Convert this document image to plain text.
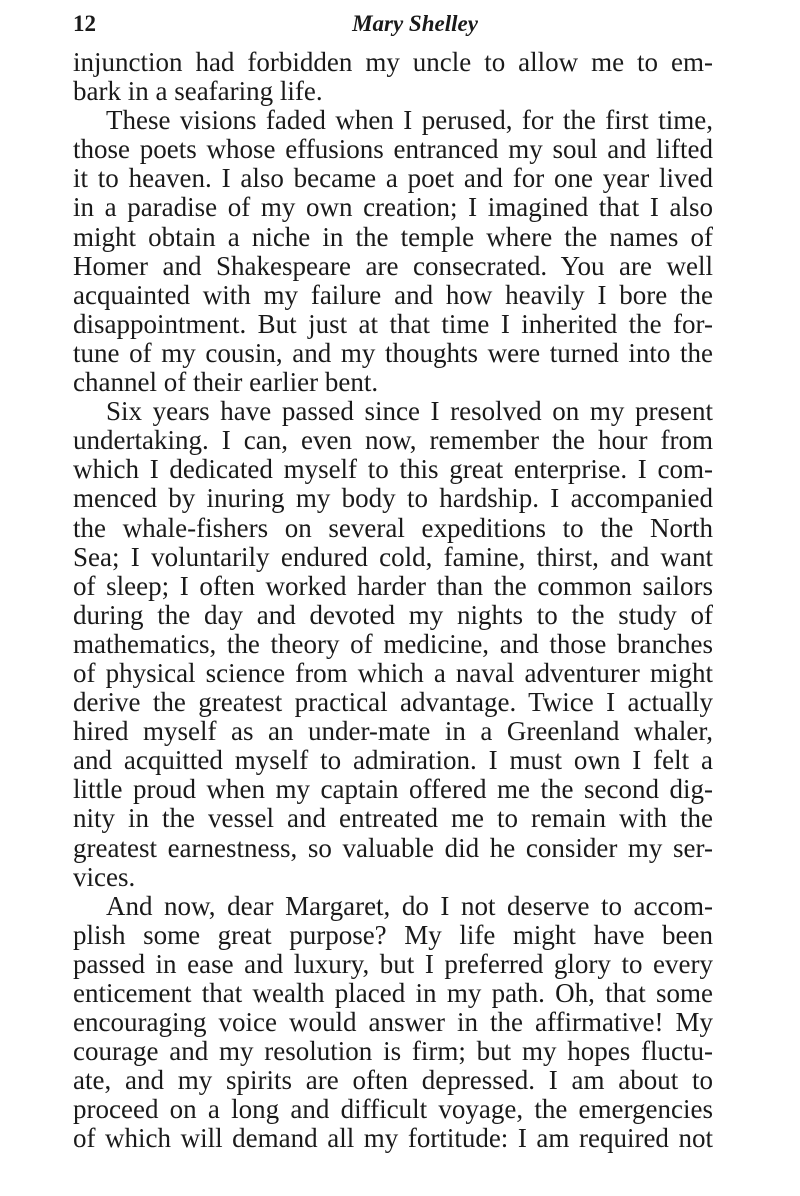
12	Mary Shelley

injunction had forbidden my uncle to allow me to em-
bark in a seafaring life.

These visions faded when I perused, for the first time,
those poets whose effusions entranced my soul and lifted
it to heaven. I also became a poet and for one year lived
in a paradise of my own creation; I imagined that I also
might obtain a niche in the temple where the names of
Homer and Shakespeare are consecrated. You are well
acquainted with my failure and how heavily I bore the
disappointment. But just at that time I inherited the for-
tune of my cousin, and my thoughts were turned into the
channel of their earlier bent.

Six years have passed since I resolved on my present
undertaking. I can, even now, remember the hour from
which I dedicated myself to this great enterprise. I com-
menced by inuring my body to hardship. I accompanied
the whale-fishers on several expeditions to the North
Sea; I voluntarily endured cold, famine, thirst, and want
of sleep; I often worked harder than the common sailors
during the day and devoted my nights to the study of
mathematics, the theory of medicine, and those branches
of physical science from which a naval adventurer might
derive the greatest practical advantage. Twice I actually
hired myself as an under-mate in a Greenland whaler,
and acquitted myself to admiration. I must own I felt a
little proud when my captain offered me the second dig-
nity in the vessel and entreated me to remain with the
greatest earnestness, so valuable did he consider my ser-
vices.

And now, dear Margaret, do I not deserve to accom-
plish some great purpose? My life might have been
passed in ease and luxury, but I preferred glory to every
enticement that wealth placed in my path. Oh, that some
encouraging voice would answer in the affirmative! My
courage and my resolution is firm; but my hopes fluctu-
ate, and my spirits are often depressed. I am about to
proceed on a long and difficult voyage, the emergencies
of which will demand all my fortitude: I am required not
